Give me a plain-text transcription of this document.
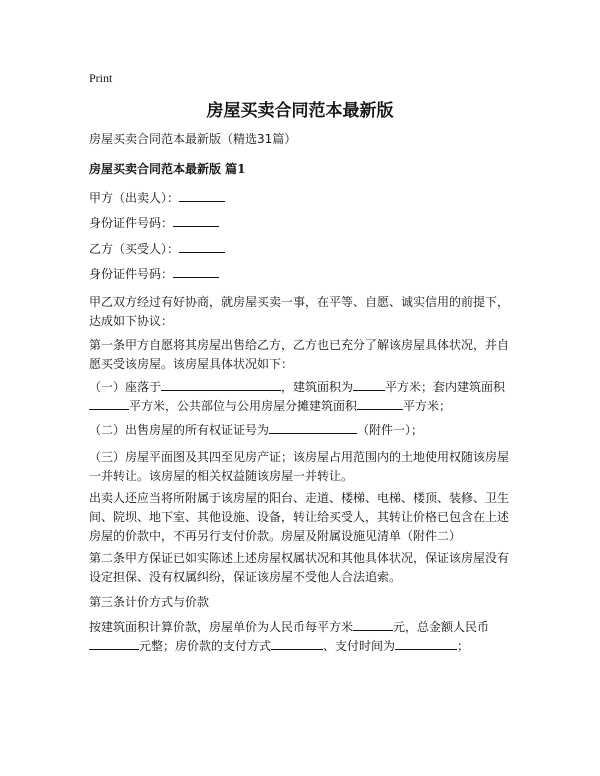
Print
房屋买卖合同范本最新版
房屋买卖合同范本最新版（精选31篇）
房屋买卖合同范本最新版 篇1
甲方（出卖人）：
身份证件号码：
乙方（买受人）：
身份证件号码：
甲乙双方经过有好协商，就房屋买卖一事，在平等、自愿、诚实信用的前提下，达成如下协议：
第一条甲方自愿将其房屋出售给乙方，乙方也已充分了解该房屋具体状况，并自愿买受该房屋。该房屋具体状况如下：
（一）座落于	，建筑面积为	平方米；套内建筑面积
平方米，公共部位与公用房屋分摊建筑面积	平方米；
（二）出售房屋的所有权证证号为	（附件一）；
（三）房屋平面图及其四至见房产证；该房屋占用范围内的土地使用权随该房屋一并转让。该房屋的相关权益随该房屋一并转让。
出卖人还应当将所附属于该房屋的阳台、走道、楼梯、电梯、楼顶、装修、卫生间、院坝、地下室、其他设施、设备，转让给买受人，其转让价格已包含在上述房屋的价款中，不再另行支付价款。房屋及附属设施见清单（附件二）
第二条甲方保证已如实陈述上述房屋权属状况和其他具体状况，保证该房屋没有设定担保、没有权属纠纷，保证该房屋不受他人合法追索。
第三条计价方式与价款
按建筑面积计算价款，房屋单价为人民币每平方米	元，总金额人民币
元整；房价款的支付方式	、支付时间为	；
